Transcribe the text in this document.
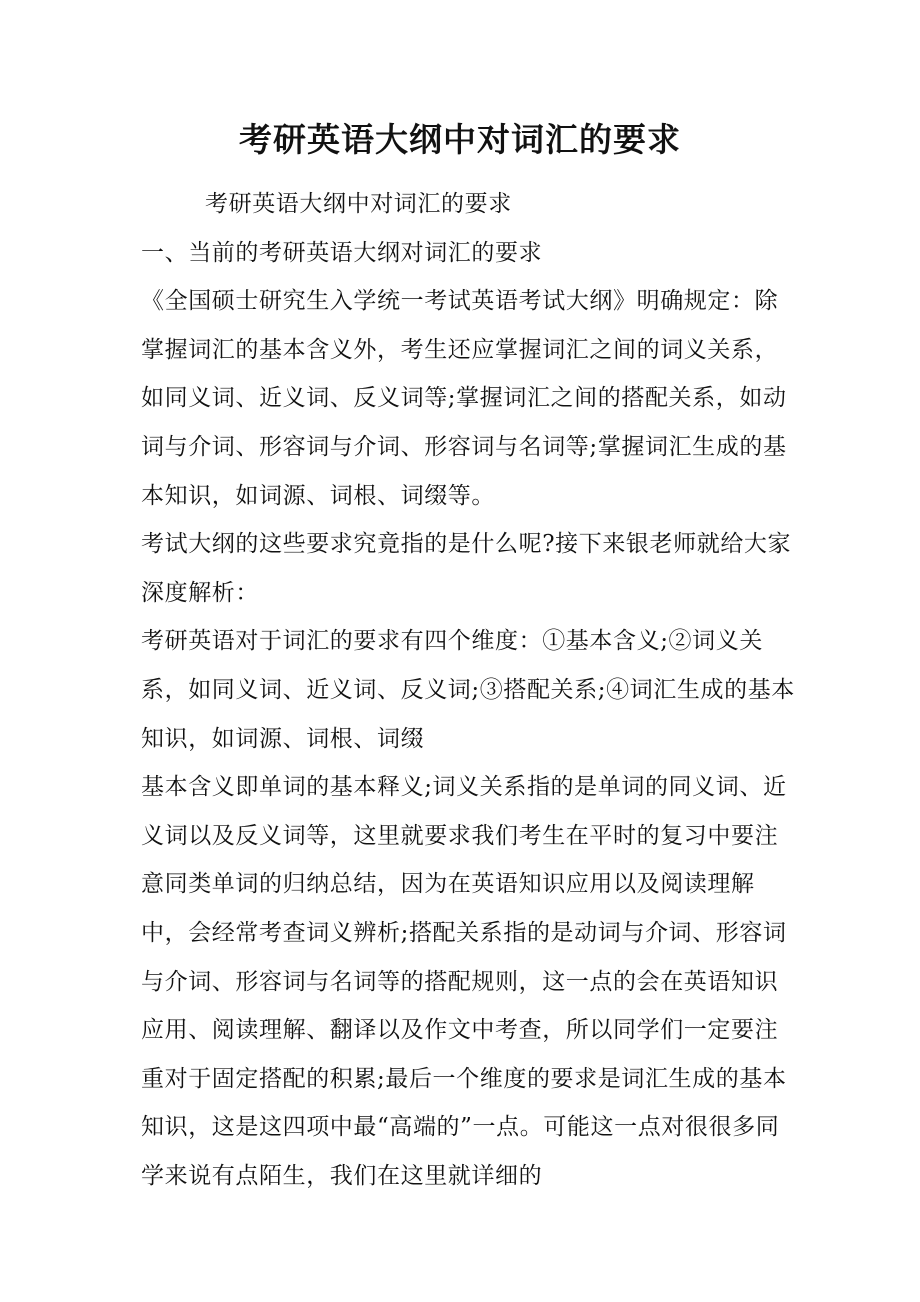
考研英语大纲中对词汇的要求

考研英语大纲中对词汇的要求

一、当前的考研英语大纲对词汇的要求

《全国硕士研究生入学统一考试英语考试大纲》明确规定：除掌握词汇的基本含义外，考生还应掌握词汇之间的词义关系，如同义词、近义词、反义词等;掌握词汇之间的搭配关系，如动词与介词、形容词与介词、形容词与名词等;掌握词汇生成的基本知识，如词源、词根、词缀等。

考试大纲的这些要求究竟指的是什么呢?接下来银老师就给大家深度解析：

考研英语对于词汇的要求有四个维度：①基本含义;②词义关系，如同义词、近义词、反义词;③搭配关系;④词汇生成的基本知识，如词源、词根、词缀

基本含义即单词的基本释义;词义关系指的是单词的同义词、近义词以及反义词等，这里就要求我们考生在平时的复习中要注意同类单词的归纳总结，因为在英语知识应用以及阅读理解中，会经常考查词义辨析;搭配关系指的是动词与介词、形容词与介词、形容词与名词等的搭配规则，这一点的会在英语知识应用、阅读理解、翻译以及作文中考查，所以同学们一定要注重对于固定搭配的积累;最后一个维度的要求是词汇生成的基本知识，这是这四项中最“高端的”一点。可能这一点对很很多同学来说有点陌生，我们在这里就详细的
